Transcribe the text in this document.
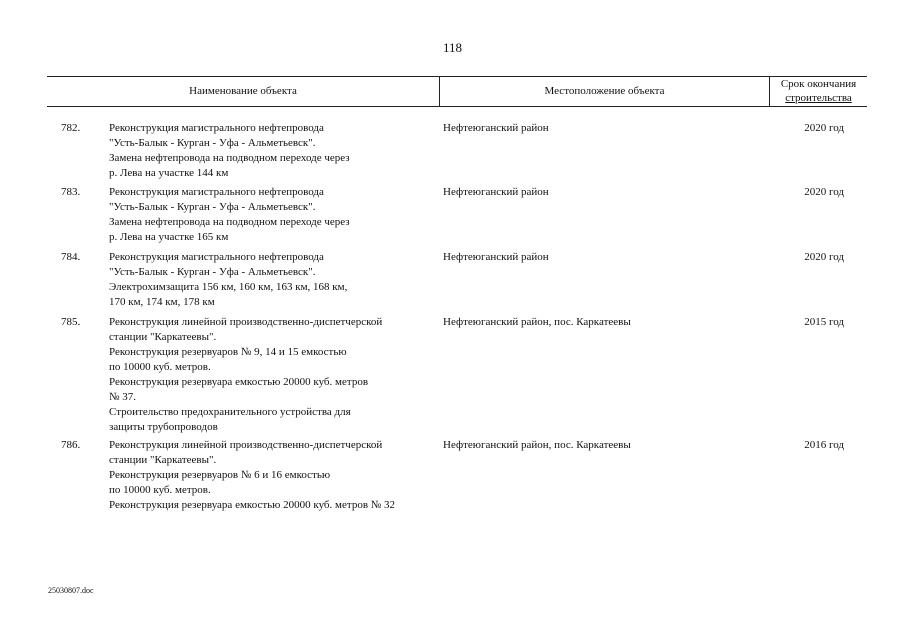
118
Наименование объекта	Местоположение объекта
Срок окончания
строительства
782.	Реконструкция магистрального нефтепровода
"Усть-Балык - Курган - Уфа - Альметьевск".
Замена нефтепровода на подводном переходе через
р. Лева на участке 144 км
Нефтеюганский район	2020 год
783.	Реконструкция магистрального нефтепровода
"Усть-Балык - Курган - Уфа - Альметьевск".
Замена нефтепровода на подводном переходе через
р. Лева на участке 165 км
Нефтеюганский район	2020 год
784.	Реконструкция магистрального нефтепровода
"Усть-Балык - Курган - Уфа - Альметьевск".
Электрохимзащита 156 км, 160 км, 163 км, 168 км,
170 км, 174 км, 178 км
Нефтеюганский район	2020 год
785.	Реконструкция линейной производственно-диспетчерской
станции "Каркатеевы".
Реконструкция резервуаров № 9, 14 и 15 емкостью
по 10000 куб. метров.
Реконструкция резервуара емкостью 20000 куб. метров
№ 37.
Строительство предохранительного устройства для
защиты трубопроводов
Нефтеюганский район, пос. Каркатеевы	2015 год
786.	Реконструкция линейной производственно-диспетчерской
станции "Каркатеевы".
Реконструкция резервуаров № 6 и 16 емкостью
по 10000 куб. метров.
Реконструкция резервуара емкостью 20000 куб. метров № 32
Нефтеюганский район, пос. Каркатеевы	2016 год
25030807.doc
